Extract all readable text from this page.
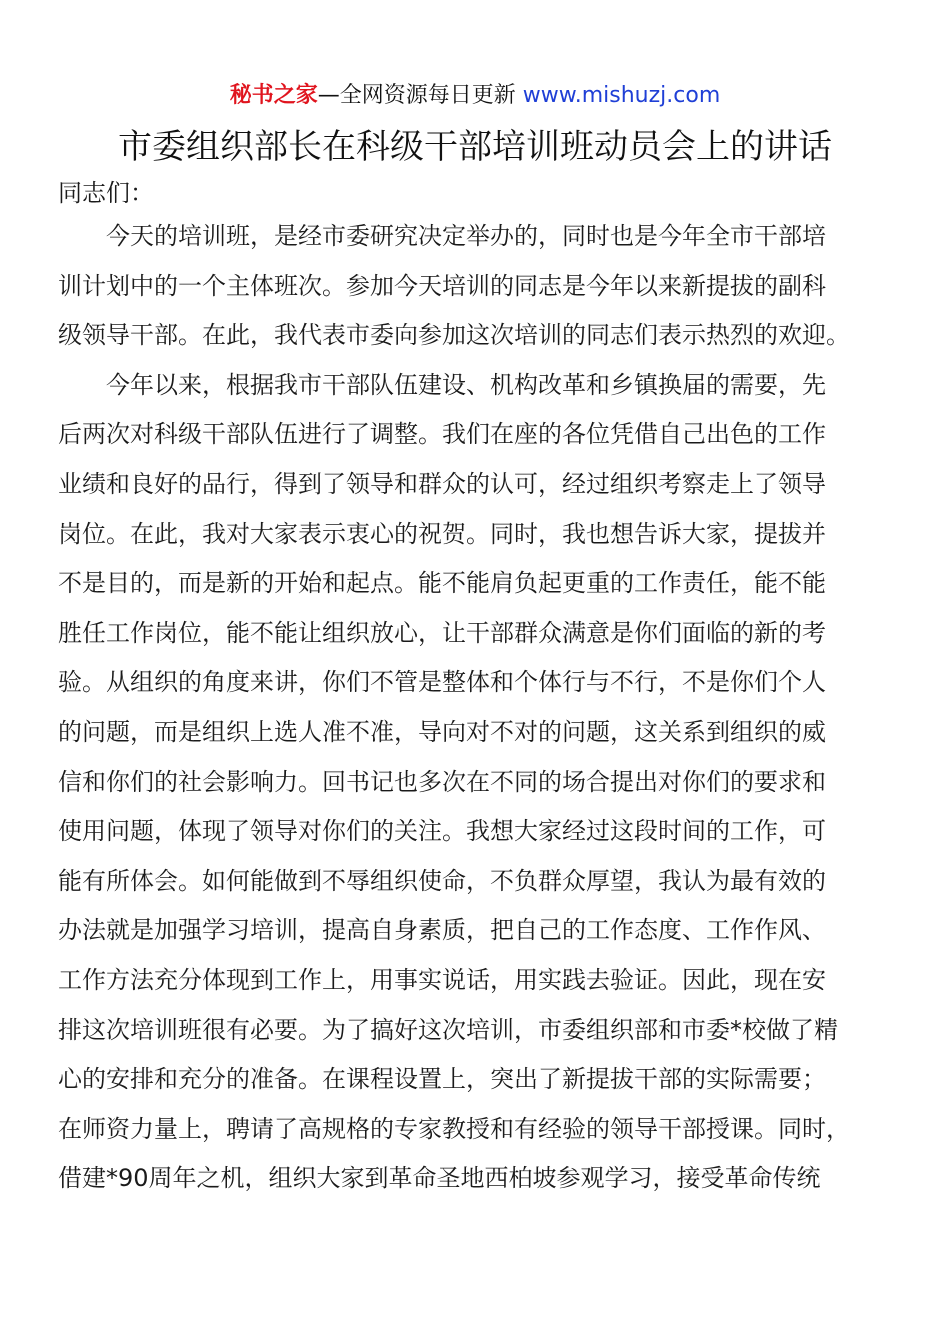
秘书之家—全网资源每日更新 www.mishuzj.com
市委组织部长在科级干部培训班动员会上的讲话
同志们：
　　今天的培训班，是经市委研究决定举办的，同时也是今年全市干部培
训计划中的一个主体班次。参加今天培训的同志是今年以来新提拔的副科
级领导干部。在此，我代表市委向参加这次培训的同志们表示热烈的欢迎。
　　今年以来，根据我市干部队伍建设、机构改革和乡镇换届的需要，先
后两次对科级干部队伍进行了调整。我们在座的各位凭借自己出色的工作
业绩和良好的品行，得到了领导和群众的认可，经过组织考察走上了领导
岗位。在此，我对大家表示衷心的祝贺。同时，我也想告诉大家，提拔并
不是目的，而是新的开始和起点。能不能肩负起更重的工作责任，能不能
胜任工作岗位，能不能让组织放心，让干部群众满意是你们面临的新的考
验。从组织的角度来讲，你们不管是整体和个体行与不行，不是你们个人
的问题，而是组织上选人准不准，导向对不对的问题，这关系到组织的威
信和你们的社会影响力。回书记也多次在不同的场合提出对你们的要求和
使用问题，体现了领导对你们的关注。我想大家经过这段时间的工作，可
能有所体会。如何能做到不辱组织使命，不负群众厚望，我认为最有效的
办法就是加强学习培训，提高自身素质，把自己的工作态度、工作作风、
工作方法充分体现到工作上，用事实说话，用实践去验证。因此，现在安
排这次培训班很有必要。为了搞好这次培训，市委组织部和市委*校做了精
心的安排和充分的准备。在课程设置上，突出了新提拔干部的实际需要；
在师资力量上，聘请了高规格的专家教授和有经验的领导干部授课。同时，
借建*90周年之机，组织大家到革命圣地西柏坡参观学习，接受革命传统
